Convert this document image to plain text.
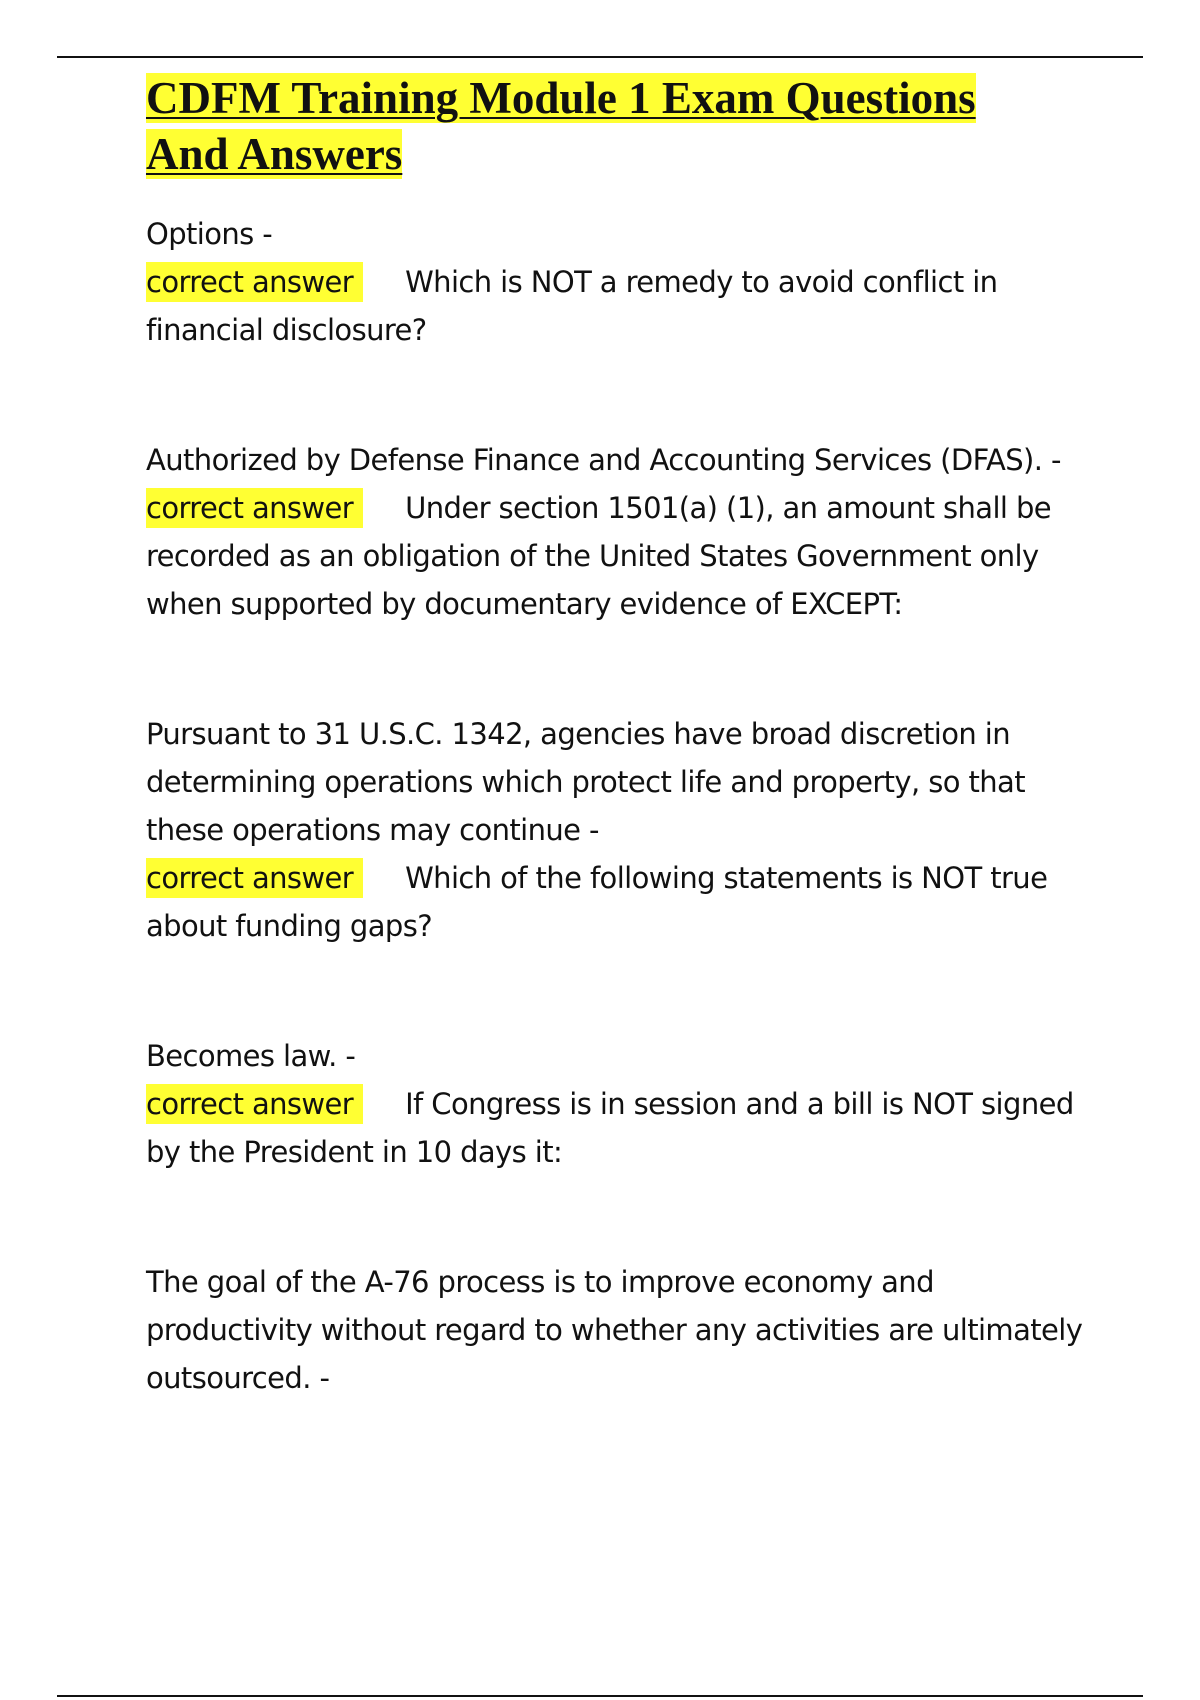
CDFM Training Module 1 Exam Questions
And Answers

Options -
correct answer Which is NOT a remedy to avoid conflict in financial disclosure?

Authorized by Defense Finance and Accounting Services (DFAS). -
correct answer Under section 1501(a) (1), an amount shall be recorded as an obligation of the United States Government only when supported by documentary evidence of EXCEPT:

Pursuant to 31 U.S.C. 1342, agencies have broad discretion in determining operations which protect life and property, so that these operations may continue -
correct answer Which of the following statements is NOT true about funding gaps?

Becomes law. -
correct answer If Congress is in session and a bill is NOT signed by the President in 10 days it:

The goal of the A-76 process is to improve economy and productivity without regard to whether any activities are ultimately outsourced. -
